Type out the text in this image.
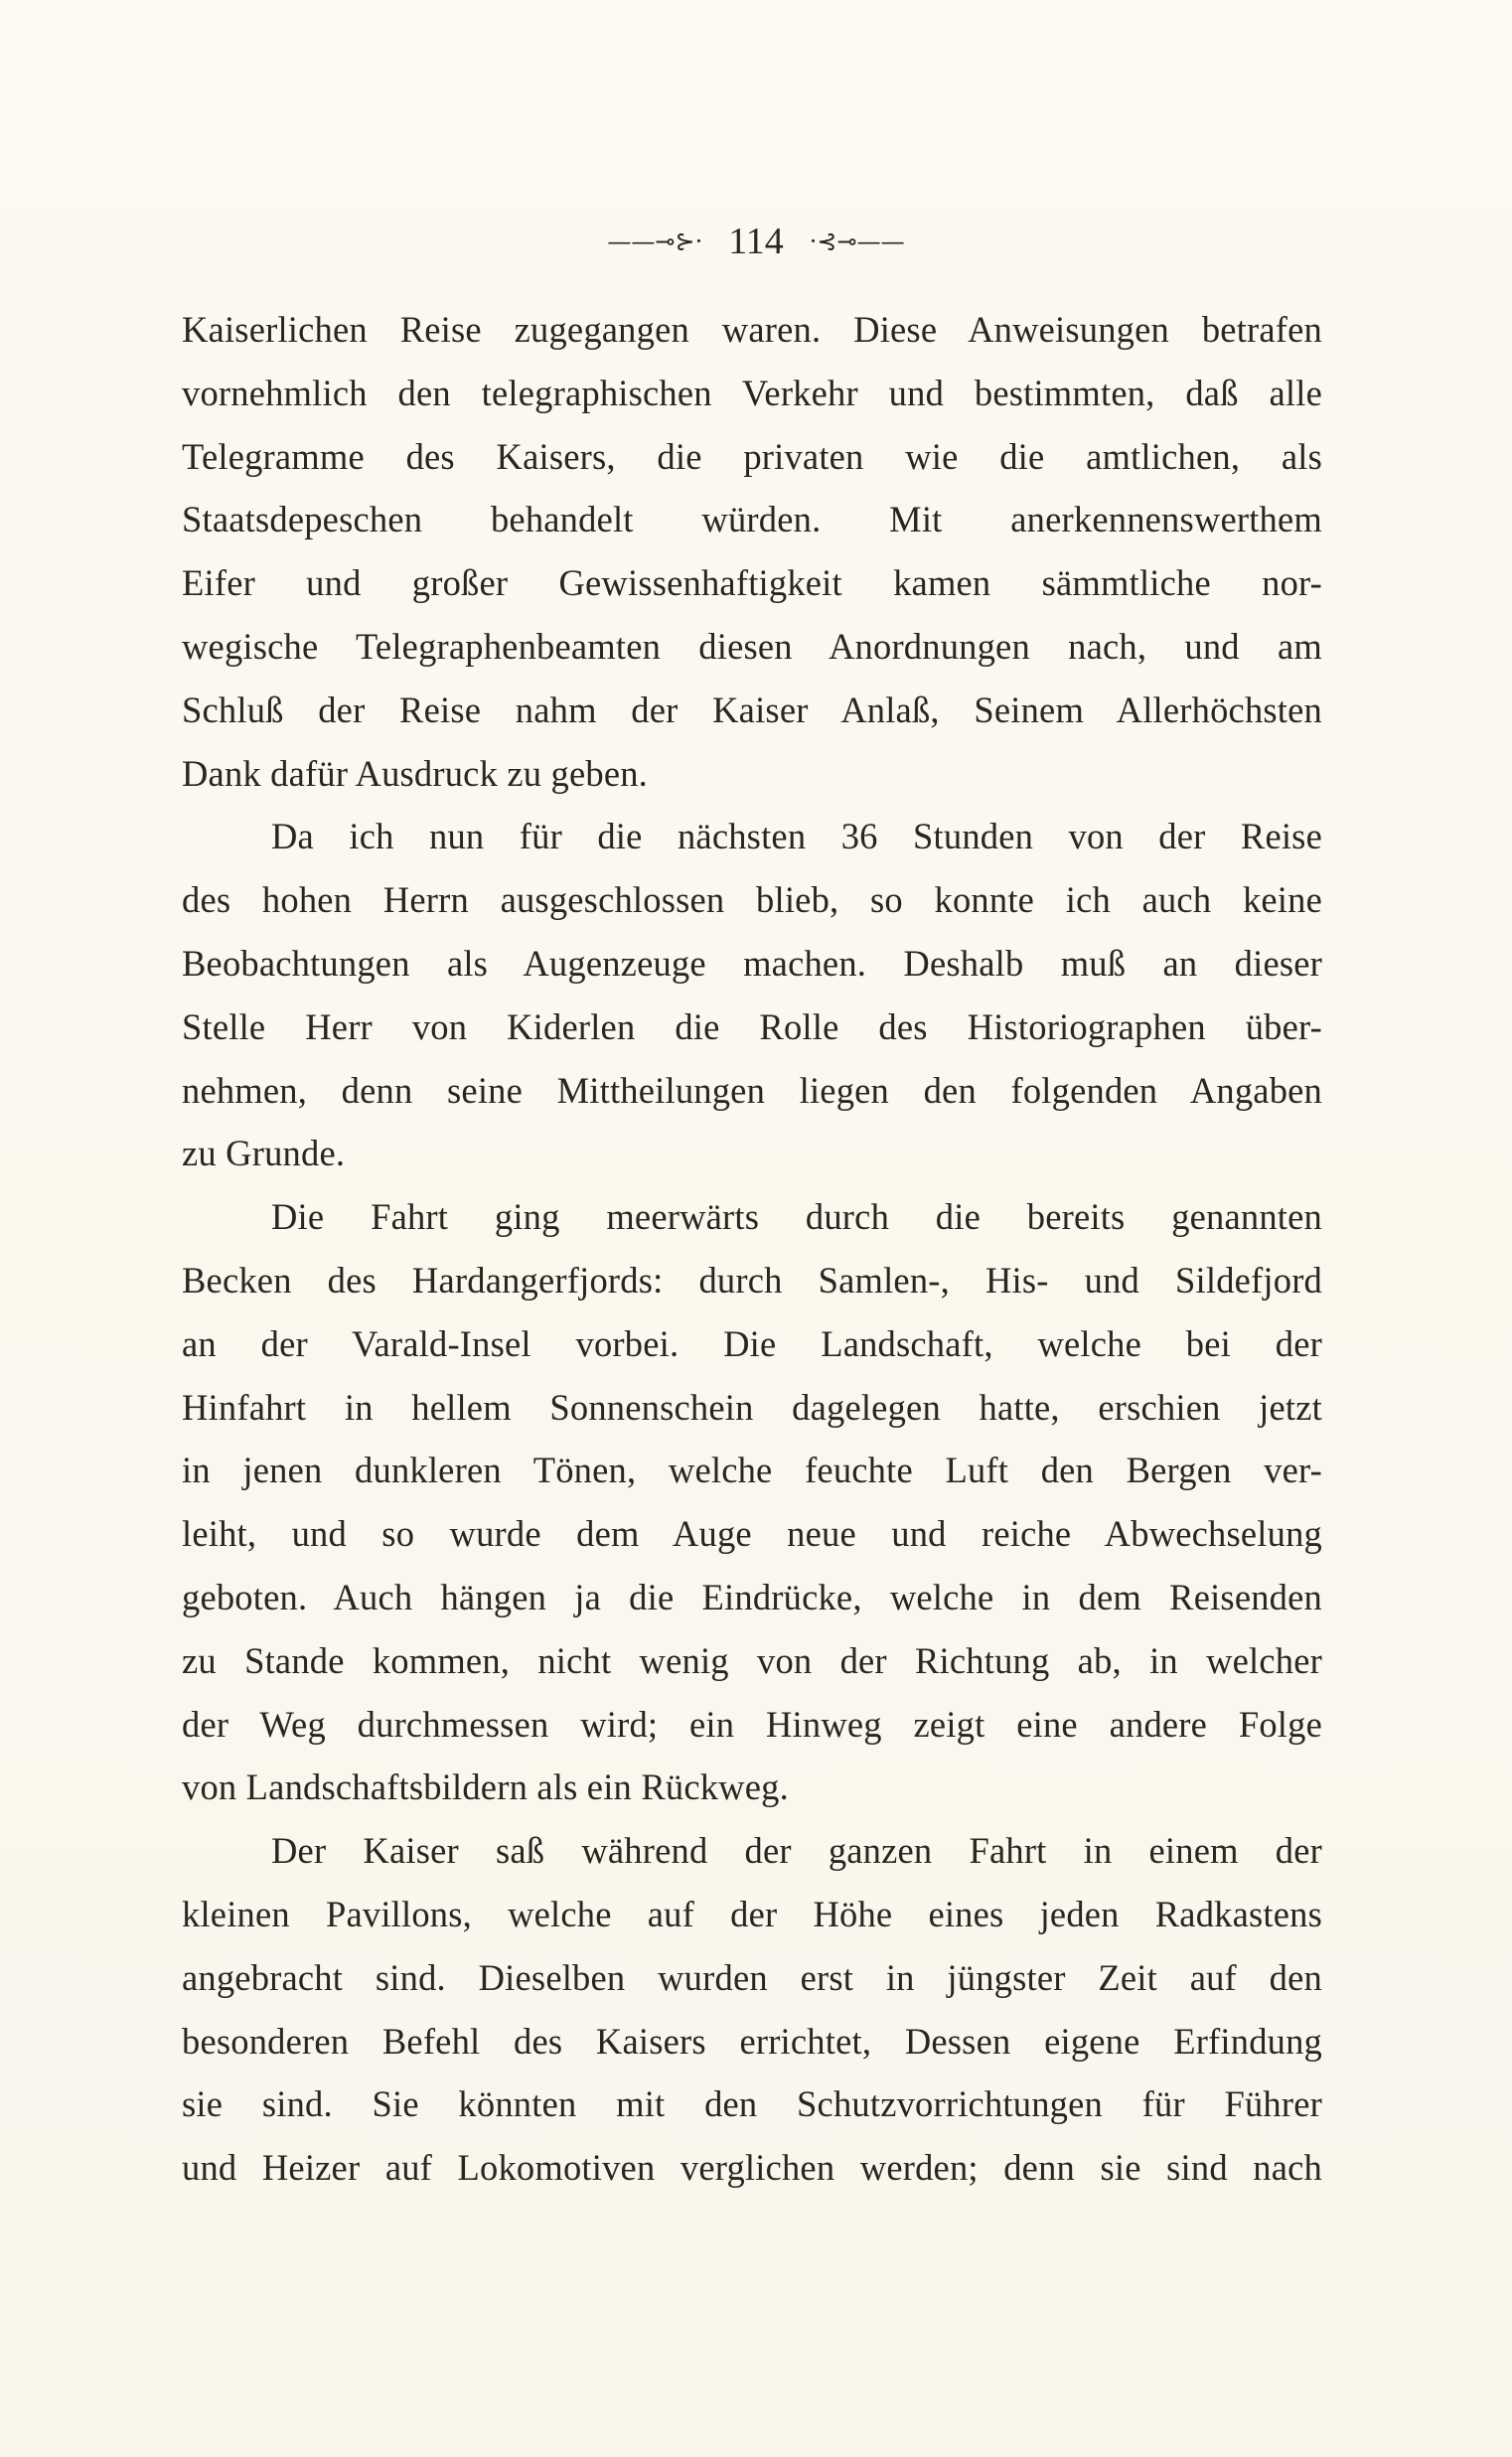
——⊸⊱· 114	·⊰⊸——
Kaiserlichen Reise zugegangen waren. Diese Anweisungen betrafen
vornehmlich den telegraphischen Verkehr und bestimmten, daß alle
Telegramme des Kaisers, die privaten wie die amtlichen, als
Staatsdepeschen behandelt würden. Mit anerkennenswerthem
Eifer und großer Gewissenhaftigkeit kamen sämmtliche nor-
wegische Telegraphenbeamten diesen Anordnungen nach, und am
Schluß der Reise nahm der Kaiser Anlaß, Seinem Allerhöchsten
Dank dafür Ausdruck zu geben.
Da ich nun für die nächsten 36 Stunden von der Reise
des hohen Herrn ausgeschlossen blieb, so konnte ich auch keine
Beobachtungen als Augenzeuge machen. Deshalb muß an dieser
Stelle Herr von Kiderlen die Rolle des Historiographen über-
nehmen, denn seine Mittheilungen liegen den folgenden Angaben
zu Grunde.
Die Fahrt ging meerwärts durch die bereits genannten
Becken des Hardangerfjords: durch Samlen-, His- und Sildefjord
an der Varald-Insel vorbei. Die Landschaft, welche bei der
Hinfahrt in hellem Sonnenschein dagelegen hatte, erschien jetzt
in jenen dunkleren Tönen, welche feuchte Luft den Bergen ver-
leiht, und so wurde dem Auge neue und reiche Abwechselung
geboten. Auch hängen ja die Eindrücke, welche in dem Reisenden
zu Stande kommen, nicht wenig von der Richtung ab, in welcher
der Weg durchmessen wird; ein Hinweg zeigt eine andere Folge
von Landschaftsbildern als ein Rückweg.
Der Kaiser saß während der ganzen Fahrt in einem der
kleinen Pavillons, welche auf der Höhe eines jeden Radkastens
angebracht sind. Dieselben wurden erst in jüngster Zeit auf den
besonderen Befehl des Kaisers errichtet, Dessen eigene Erfindung
sie sind. Sie könnten mit den Schutzvorrichtungen für Führer
und Heizer auf Lokomotiven verglichen werden; denn sie sind nach
